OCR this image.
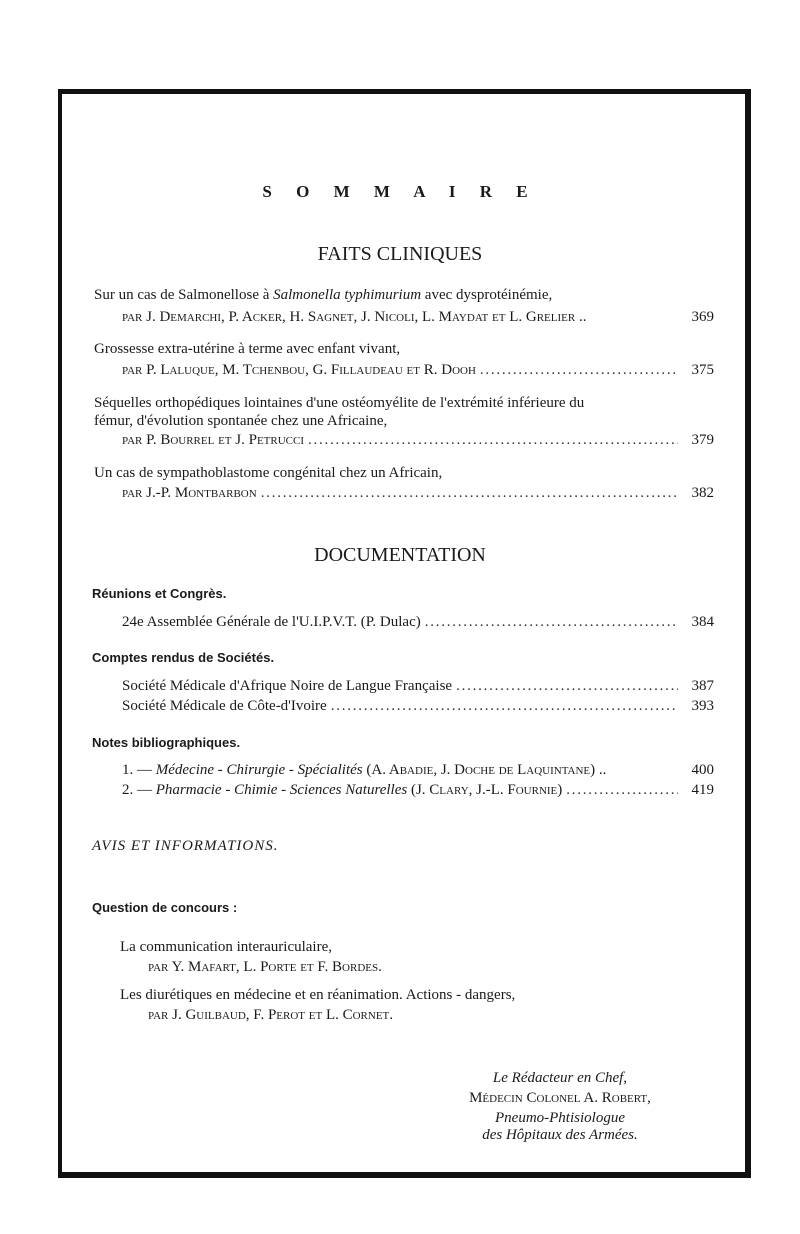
S O M M A I R E
FAITS CLINIQUES
Sur un cas de Salmonellose à Salmonella typhimurium avec dysprotéinémie,
par J. Demarchi, P. Acker, H. Sagnet, J. Nicoli, L. Maydat et L. Grelier ..	369
Grossesse extra-utérine à terme avec enfant vivant,
par P. Laluque, M. Tchenbou, G. Fillaudeau et R. Dooh . . .	375
Séquelles orthopédiques lointaines d'une ostéomyélite de l'extrémité inférieure du
fémur, d'évolution spontanée chez une Africaine,
par P. Bourrel et J. Petrucci . . .	379
Un cas de sympathoblastome congénital chez un Africain,
par J.-P. Montbarbon . . .	382
DOCUMENTATION
Réunions et Congrès.
24e Assemblée Générale de l'U.I.P.V.T. (P. Dulac) . . .	384
Comptes rendus de Sociétés.
Société Médicale d'Afrique Noire de Langue Française . . .	387
Société Médicale de Côte-d'Ivoire . . .	393
Notes bibliographiques.
1. — Médecine - Chirurgie - Spécialités (A. Abadie, J. Doche de Laquintane) ..	400
2. — Pharmacie - Chimie - Sciences Naturelles (J. Clary, J.-L. Fournie) . . .	419
AVIS ET INFORMATIONS.
Question de concours :
La communication interauriculaire,
par Y. Mafart, L. Porte et F. Bordes.
Les diurétiques en médecine et en réanimation. Actions - dangers,
par J. Guilbaud, F. Perot et L. Cornet.
Le Rédacteur en Chef,
Médecin Colonel A. Robert,
Pneumo-Phtisiologue
des Hôpitaux des Armées.
